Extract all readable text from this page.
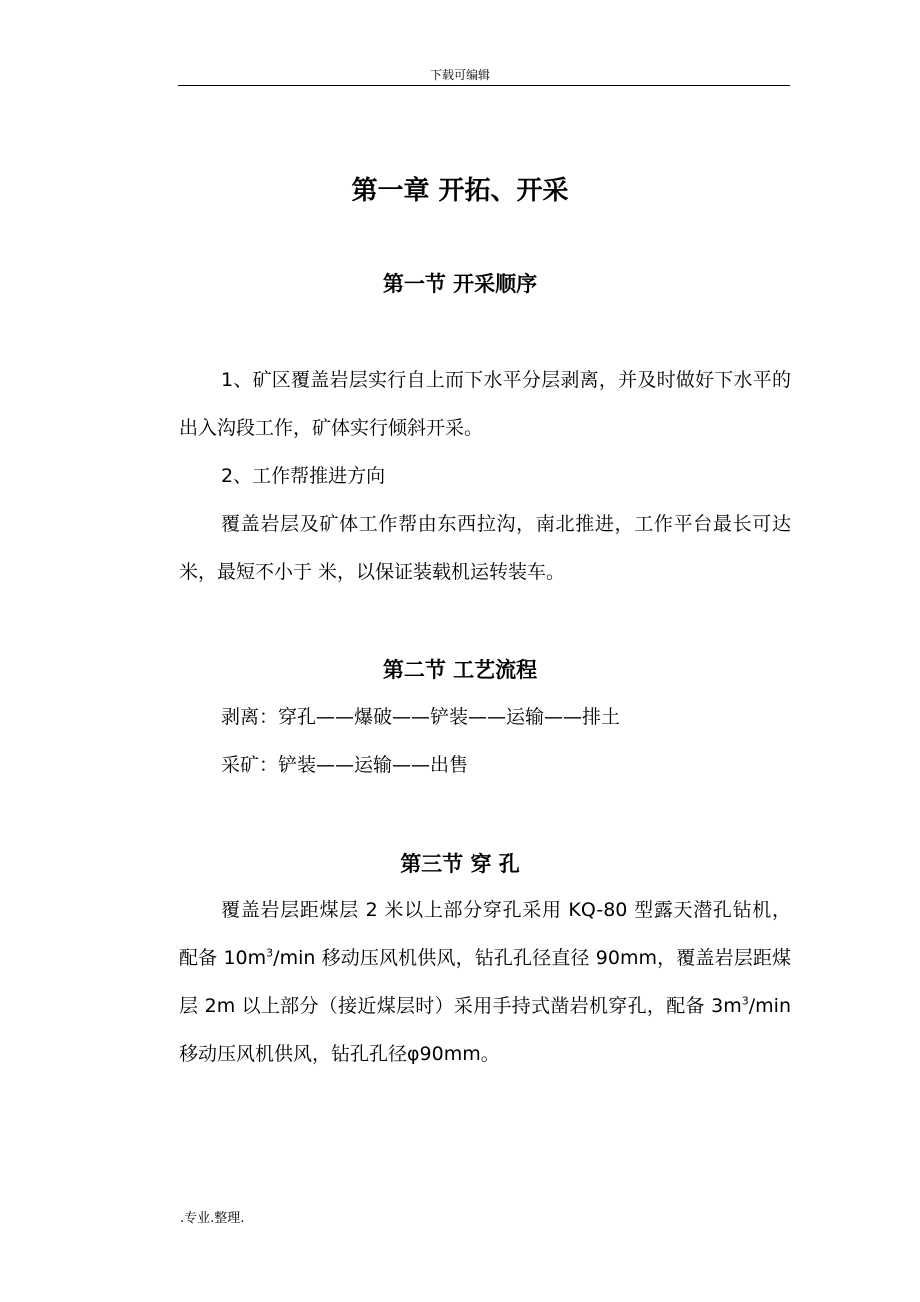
下载可编辑
第一章 开拓、开采
第一节 开采顺序

1、矿区覆盖岩层实行自上而下水平分层剥离，并及时做好下水平的出入沟段工作，矿体实行倾斜开采。

2、工作帮推进方向

覆盖岩层及矿体工作帮由东西拉沟，南北推进，工作平台最长可达 米，最短不小于 米，以保证装载机运转装车。

第二节 工艺流程

剥离：穿孔——爆破——铲装——运输——排土

采矿：铲装——运输——出售

第三节 穿 孔

覆盖岩层距煤层 2 米以上部分穿孔采用 KQ-80 型露天潜孔钻机，配备 $10m^3/\min$ 移动压风机供风，钻孔孔径直径 90mm，覆盖岩层距煤层 2m 以上部分（接近煤层时）采用手持式凿岩机穿孔，配备 $3m^3/\min$ 移动压风机供风，钻孔孔径φ90mm。

.专业.整理.
